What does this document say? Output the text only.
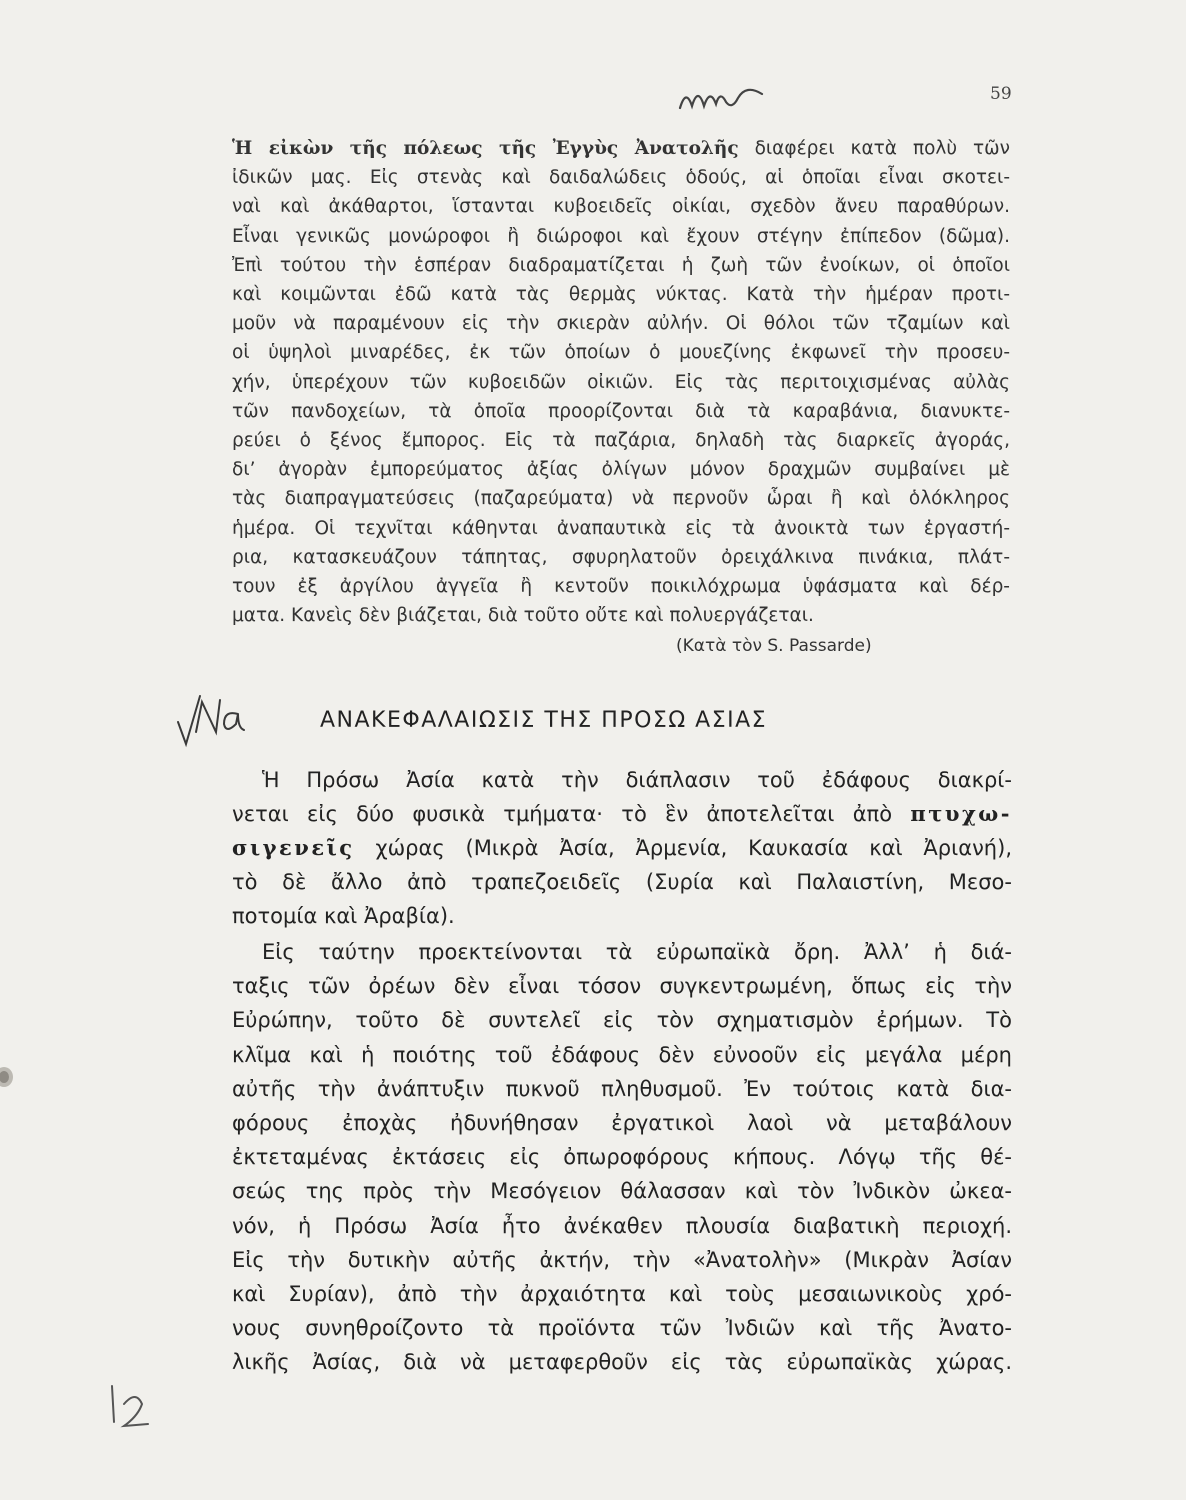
59
Ἡ εἰκὼν τῆς πόλεως τῆς Ἐγγὺς Ἀνατολῆς διαφέρει κατὰ πολὺ τῶν
ἰδικῶν μας. Εἰς στενὰς καὶ δαιδαλώδεις ὁδούς, αἱ ὁποῖαι εἶναι σκοτει-
ναὶ καὶ ἀκάθαρτοι, ἵστανται κυβοειδεῖς οἰκίαι, σχεδὸν ἄνευ παραθύρων.
Εἶναι γενικῶς μονώροφοι ἢ διώροφοι καὶ ἔχουν στέγην ἐπίπεδον (δῶμα).
Ἐπὶ τούτου τὴν ἑσπέραν διαδραματίζεται ἡ ζωὴ τῶν ἐνοίκων, οἱ ὁποῖοι
καὶ κοιμῶνται ἐδῶ κατὰ τὰς θερμὰς νύκτας. Κατὰ τὴν ἡμέραν προτι-
μοῦν νὰ παραμένουν εἰς τὴν σκιερὰν αὐλήν. Οἱ θόλοι τῶν τζαμίων καὶ
οἱ ὑψηλοὶ μιναρέδες, ἐκ τῶν ὁποίων ὁ μουεζίνης ἐκφωνεῖ τὴν προσευ-
χήν, ὑπερέχουν τῶν κυβοειδῶν οἰκιῶν. Εἰς τὰς περιτοιχισμένας αὐλὰς
τῶν πανδοχείων, τὰ ὁποῖα προορίζονται διὰ τὰ καραβάνια, διανυκτε-
ρεύει ὁ ξένος ἔμπορος. Εἰς τὰ παζάρια, δηλαδὴ τὰς διαρκεῖς ἀγοράς,
δι’ ἀγορὰν ἐμπορεύματος ἀξίας ὀλίγων μόνον δραχμῶν συμβαίνει μὲ
τὰς διαπραγματεύσεις (παζαρεύματα) νὰ περνοῦν ὧραι ἢ καὶ ὁλόκληρος
ἡμέρα. Οἱ τεχνῖται κάθηνται ἀναπαυτικὰ εἰς τὰ ἀνοικτὰ των ἐργαστή-
ρια, κατασκευάζουν τάπητας, σφυρηλατοῦν ὀρειχάλκινα πινάκια, πλάτ-
τουν ἐξ ἀργίλου ἀγγεῖα ἢ κεντοῦν ποικιλόχρωμα ὑφάσματα καὶ δέρ-
ματα. Κανεὶς δὲν βιάζεται, διὰ τοῦτο οὔτε καὶ πολυεργάζεται.
(Κατὰ τὸν S. Passarde)
ΑΝΑΚΕΦΑΛΑΙΩΣΙΣ ΤΗΣ ΠΡΟΣΩ ΑΣΙΑΣ
Ἡ Πρόσω Ἀσία κατὰ τὴν διάπλασιν τοῦ ἐδάφους διακρί-
νεται εἰς δύο φυσικὰ τμήματα· τὸ ἓν ἀποτελεῖται ἀπὸ πτυχω-
σιγενεῖς χώρας (Μικρὰ Ἀσία, Ἀρμενία, Καυκασία καὶ Ἀριανή),
τὸ δὲ ἄλλο ἀπὸ τραπεζοειδεῖς (Συρία καὶ Παλαιστίνη, Μεσο-
ποτομία καὶ Ἀραβία).
Εἰς ταύτην προεκτείνονται τὰ εὐρωπαϊκὰ ὄρη. Ἀλλ’ ἡ διά-
ταξις τῶν ὀρέων δὲν εἶναι τόσον συγκεντρωμένη, ὅπως εἰς τὴν
Εὐρώπην, τοῦτο δὲ συντελεῖ εἰς τὸν σχηματισμὸν ἐρήμων. Τὸ
κλῖμα καὶ ἡ ποιότης τοῦ ἐδάφους δὲν εὐνοοῦν εἰς μεγάλα μέρη
αὐτῆς τὴν ἀνάπτυξιν πυκνοῦ πληθυσμοῦ. Ἐν τούτοις κατὰ δια-
φόρους ἐποχὰς ἠδυνήθησαν ἐργατικοὶ λαοὶ νὰ μεταβάλουν
ἐκτεταμένας ἐκτάσεις εἰς ὀπωροφόρους κήπους. Λόγῳ τῆς θέ-
σεώς της πρὸς τὴν Μεσόγειον θάλασσαν καὶ τὸν Ἰνδικὸν ὠκεα-
νόν, ἡ Πρόσω Ἀσία ἦτο ἀνέκαθεν πλουσία διαβατικὴ περιοχή.
Εἰς τὴν δυτικὴν αὐτῆς ἀκτήν, τὴν «Ἀνατολὴν» (Μικρὰν Ἀσίαν
καὶ Συρίαν), ἀπὸ τὴν ἀρχαιότητα καὶ τοὺς μεσαιωνικοὺς χρό-
νους συνηθροίζοντο τὰ προϊόντα τῶν Ἰνδιῶν καὶ τῆς Ἀνατο-
λικῆς Ἀσίας, διὰ νὰ μεταφερθοῦν εἰς τὰς εὐρωπαϊκὰς χώρας.
